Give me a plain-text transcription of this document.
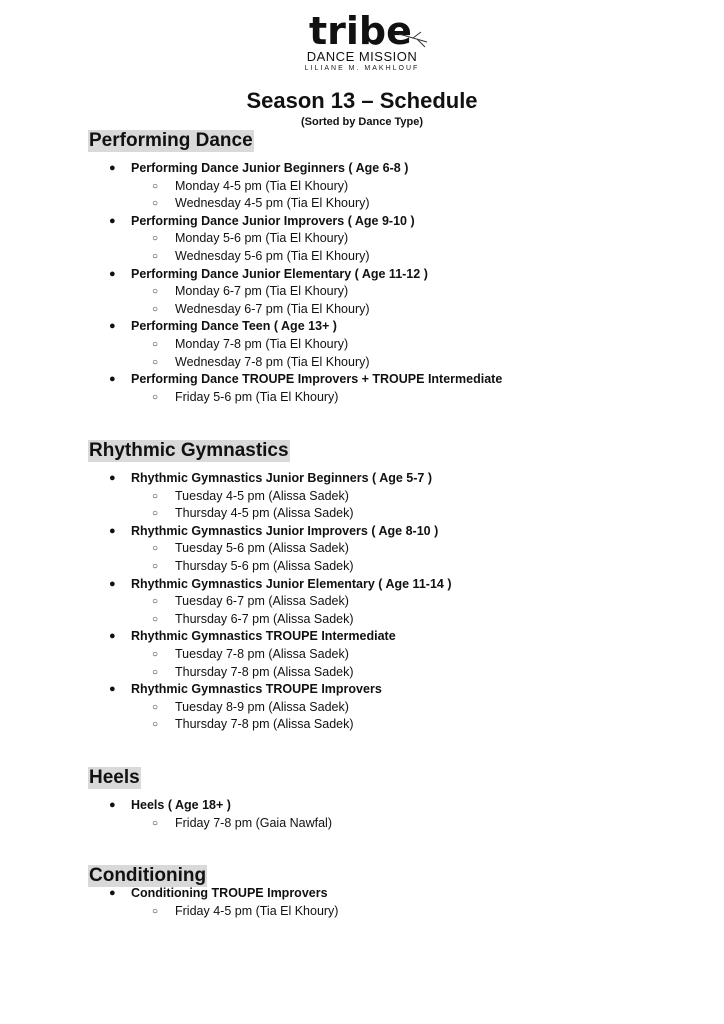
tribe
DANCE MISSION
LILIANE M. MAKHLOUF
Season 13 – Schedule
(Sorted by Dance Type)
Performing Dance
● Performing Dance Junior Beginners ( Age 6-8 )
○ Monday 4-5 pm (Tia El Khoury)
○ Wednesday 4-5 pm (Tia El Khoury)
● Performing Dance Junior Improvers ( Age 9-10 )
○ Monday 5-6 pm (Tia El Khoury)
○ Wednesday 5-6 pm (Tia El Khoury)
● Performing Dance Junior Elementary ( Age 11-12 )
○ Monday 6-7 pm (Tia El Khoury)
○ Wednesday 6-7 pm (Tia El Khoury)
● Performing Dance Teen ( Age 13+ )
○ Monday 7-8 pm (Tia El Khoury)
○ Wednesday 7-8 pm (Tia El Khoury)
● Performing Dance TROUPE Improvers + TROUPE Intermediate
○ Friday 5-6 pm (Tia El Khoury)
Rhythmic Gymnastics
● Rhythmic Gymnastics Junior Beginners ( Age 5-7 )
○ Tuesday 4-5 pm (Alissa Sadek)
○ Thursday 4-5 pm (Alissa Sadek)
● Rhythmic Gymnastics Junior Improvers ( Age 8-10 )
○ Tuesday 5-6 pm (Alissa Sadek)
○ Thursday 5-6 pm (Alissa Sadek)
● Rhythmic Gymnastics Junior Elementary ( Age 11-14 )
○ Tuesday 6-7 pm (Alissa Sadek)
○ Thursday 6-7 pm (Alissa Sadek)
● Rhythmic Gymnastics TROUPE Intermediate
○ Tuesday 7-8 pm (Alissa Sadek)
○ Thursday 7-8 pm (Alissa Sadek)
● Rhythmic Gymnastics TROUPE Improvers
○ Tuesday 8-9 pm (Alissa Sadek)
○ Thursday 7-8 pm (Alissa Sadek)
Heels
● Heels ( Age 18+ )
○ Friday 7-8 pm (Gaia Nawfal)
Conditioning
● Conditioning TROUPE Improvers
○ Friday 4-5 pm (Tia El Khoury)
